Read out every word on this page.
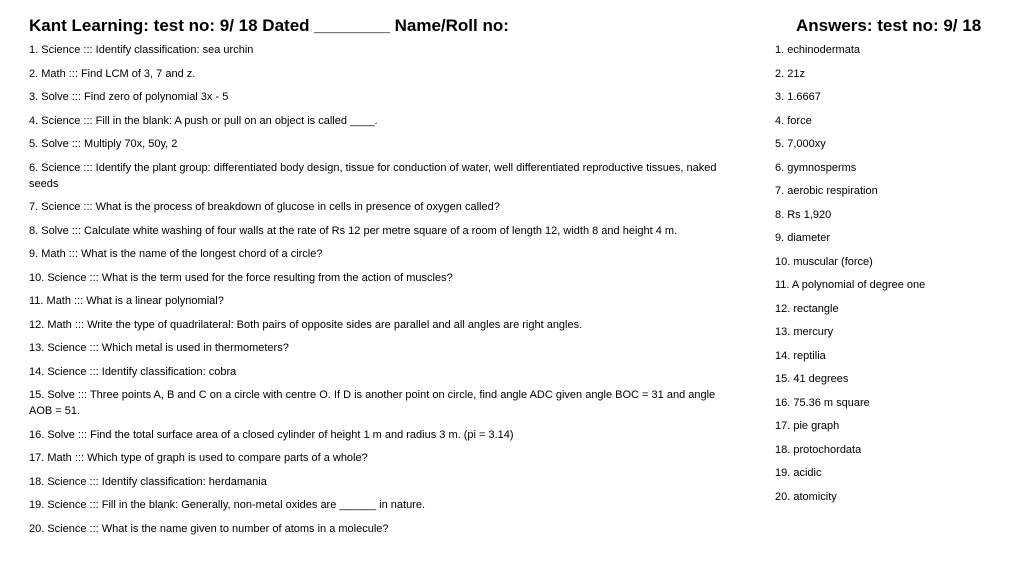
Kant Learning: test no: 9/ 18 Dated ________ Name/Roll no:	Answers: test no: 9/ 18
1. Science ::: Identify classification: sea urchin
2. Math ::: Find LCM of 3, 7 and z.
3. Solve ::: Find zero of polynomial 3x - 5
4. Science ::: Fill in the blank: A push or pull on an object is called ____.
5. Solve ::: Multiply 70x, 50y, 2
6. Science ::: Identify the plant group: differentiated body design, tissue for conduction of water, well differentiated reproductive tissues, naked seeds
7. Science ::: What is the process of breakdown of glucose in cells in presence of oxygen called?
8. Solve ::: Calculate white washing of four walls at the rate of Rs 12 per metre square of a room of length 12, width 8 and height 4 m.
9. Math ::: What is the name of the longest chord of a circle?
10. Science ::: What is the term used for the force resulting from the action of muscles?
11. Math ::: What is a linear polynomial?
12. Math ::: Write the type of quadrilateral: Both pairs of opposite sides are parallel and all angles are right angles.
13. Science ::: Which metal is used in thermometers?
14. Science ::: Identify classification: cobra
15. Solve ::: Three points A, B and C on a circle with centre O. If D is another point on circle, find angle ADC given angle BOC = 31 and angle AOB = 51.
16. Solve ::: Find the total surface area of a closed cylinder of height 1 m and radius 3 m. (pi = 3.14)
17. Math ::: Which type of graph is used to compare parts of a whole?
18. Science ::: Identify classification: herdamania
19. Science ::: Fill in the blank: Generally, non-metal oxides are ______ in nature.
20. Science ::: What is the name given to number of atoms in a molecule?
1. echinodermata
2. 21z
3. 1.6667
4. force
5. 7,000xy
6. gymnosperms
7. aerobic respiration
8. Rs 1,920
9. diameter
10. muscular (force)
11. A polynomial of degree one
12. rectangle
13. mercury
14. reptilia
15. 41 degrees
16. 75.36 m square
17. pie graph
18. protochordata
19. acidic
20. atomicity
